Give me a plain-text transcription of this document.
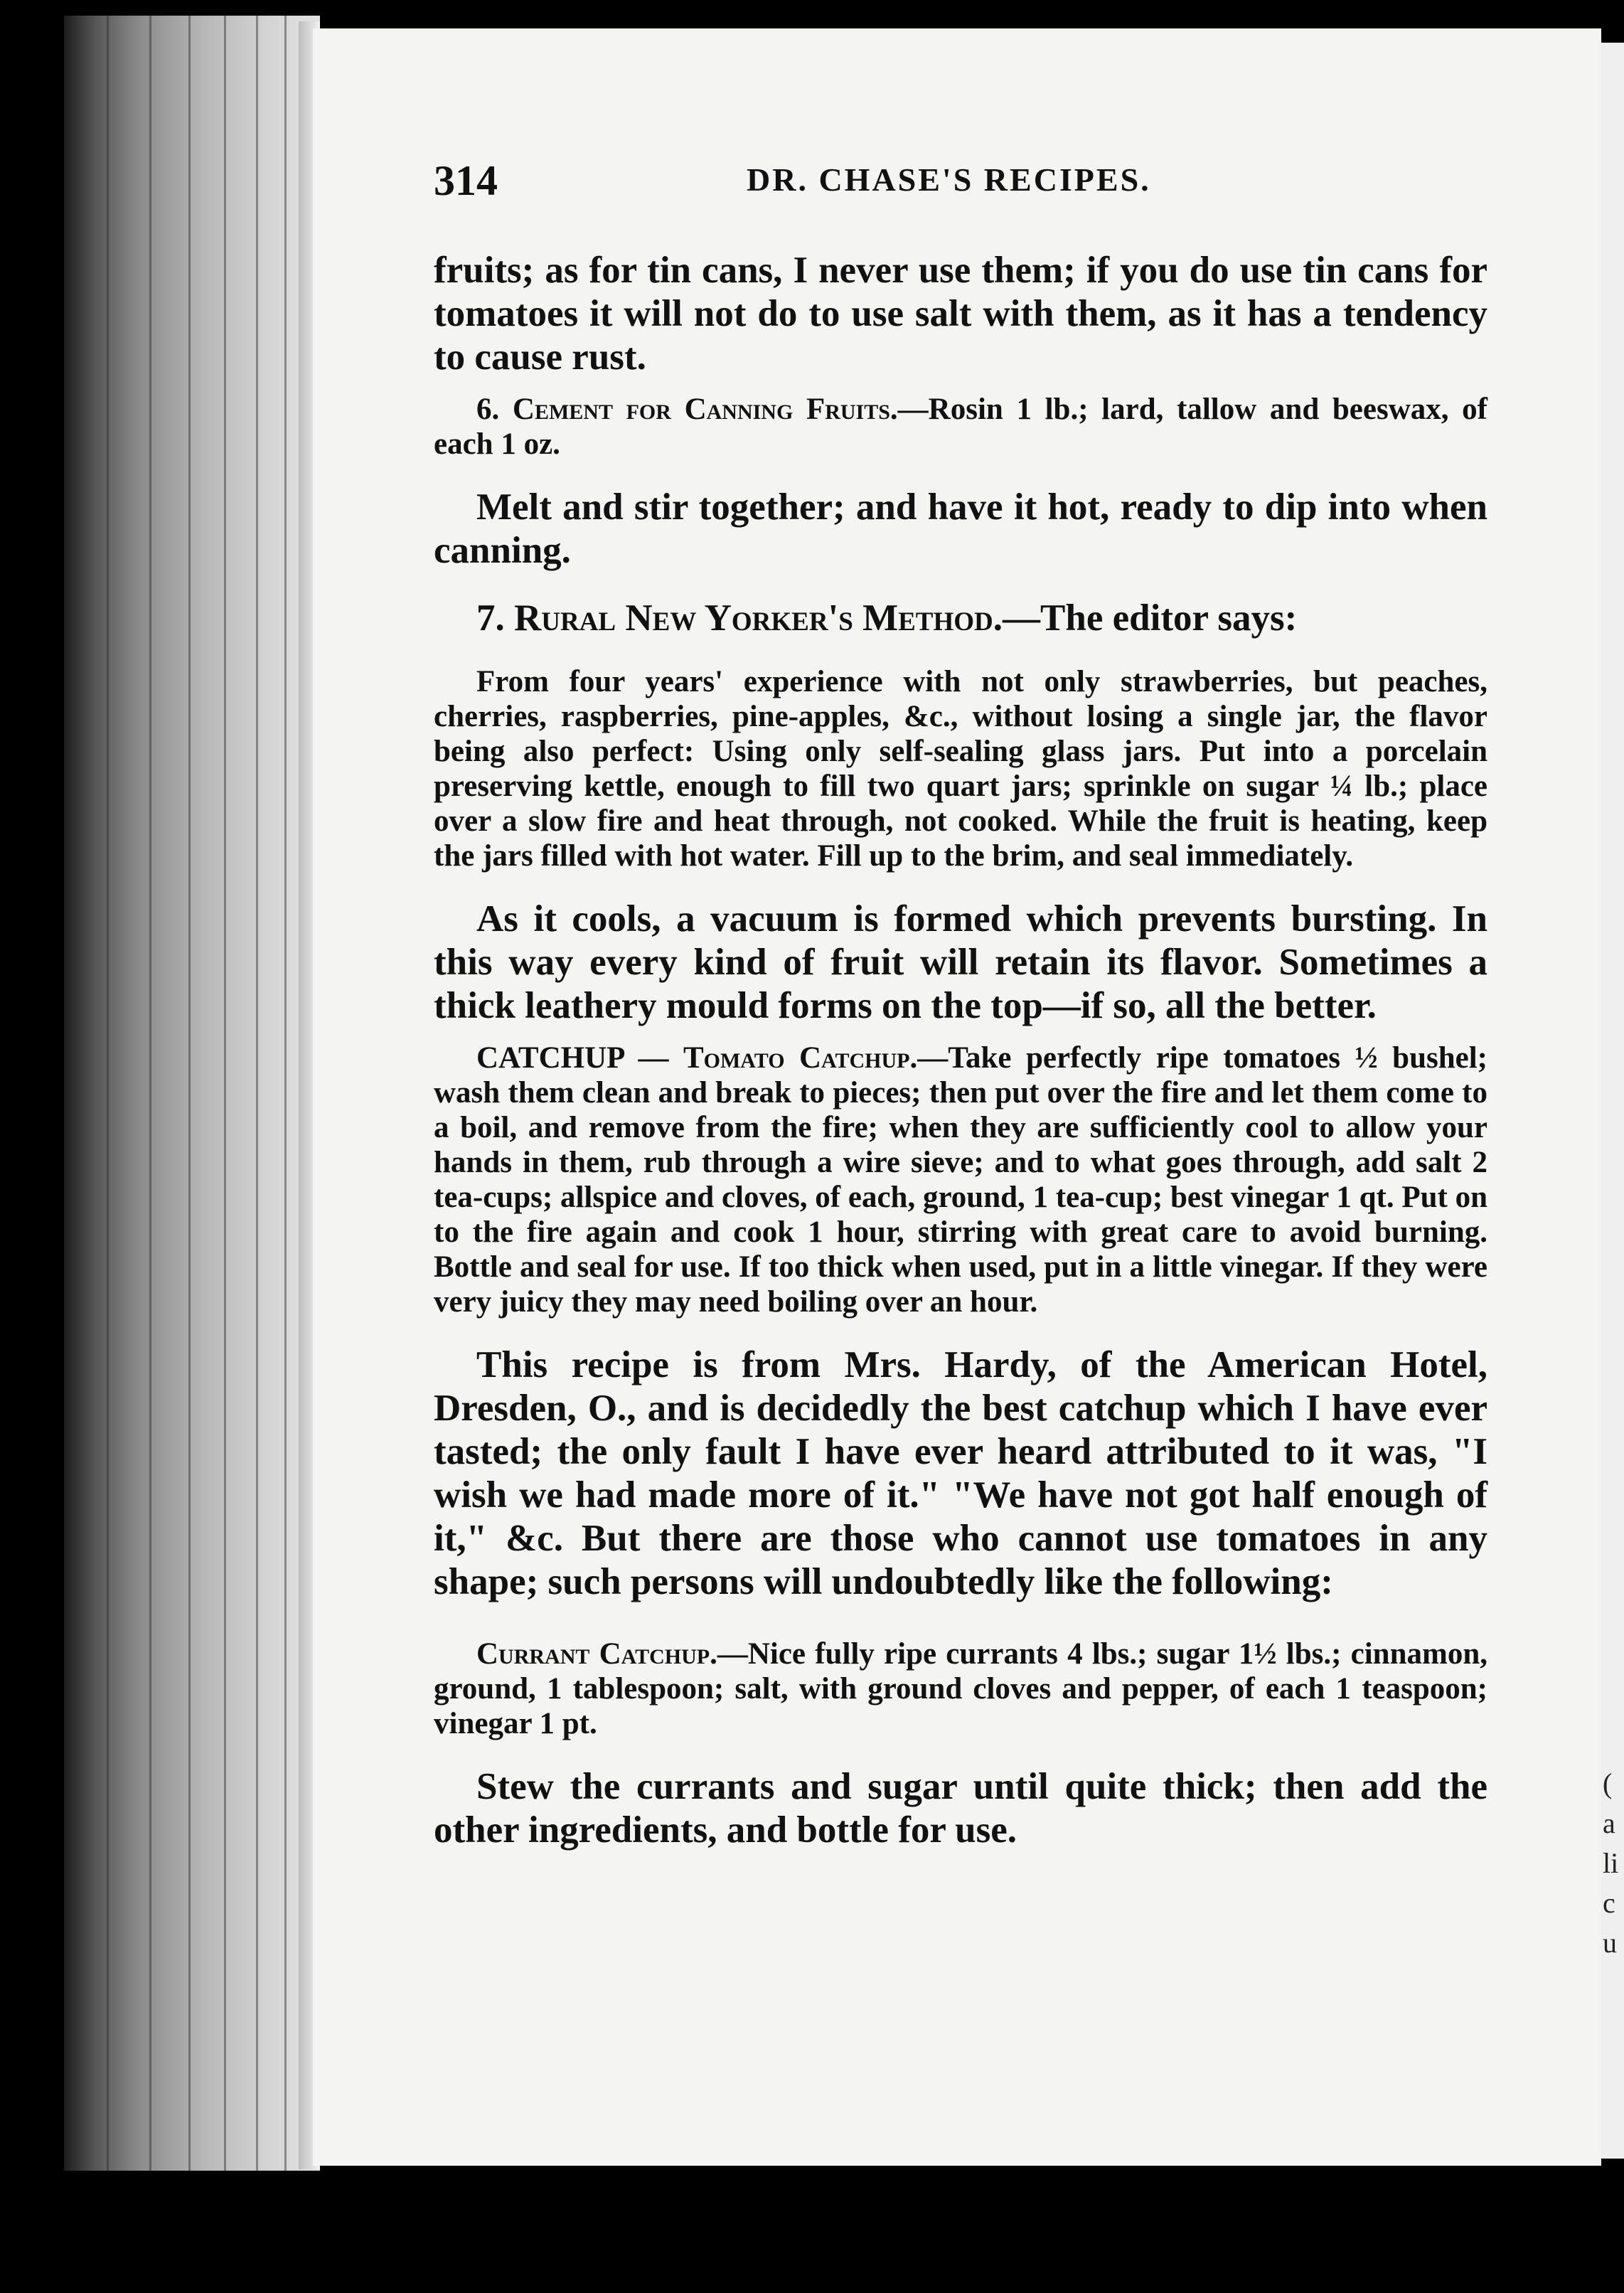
314	DR. CHASE'S RECIPES.

fruits; as for tin cans, I never use them; if you do use tin cans for tomatoes it will not do to use salt with them, as it has a tendency to cause rust.

6. Cement for Canning Fruits.—Rosin 1 lb.; lard, tallow and beeswax, of each 1 oz.

Melt and stir together; and have it hot, ready to dip into when canning.

7. Rural New Yorker's Method.—The editor says:

From four years' experience with not only strawberries, but peaches, cherries, raspberries, pine-apples, &c., without losing a single jar, the flavor being also perfect: Using only self-sealing glass jars. Put into a porcelain preserving kettle, enough to fill two quart jars; sprinkle on sugar ¼ lb.; place over a slow fire and heat through, not cooked. While the fruit is heating, keep the jars filled with hot water. Fill up to the brim, and seal immediately.

As it cools, a vacuum is formed which prevents bursting. In this way every kind of fruit will retain its flavor. Sometimes a thick leathery mould forms on the top—if so, all the better.

CATCHUP — Tomato Catchup.—Take perfectly ripe tomatoes ½ bushel; wash them clean and break to pieces; then put over the fire and let them come to a boil, and remove from the fire; when they are sufficiently cool to allow your hands in them, rub through a wire sieve; and to what goes through, add salt 2 tea-cups; allspice and cloves, of each, ground, 1 tea-cup; best vinegar 1 qt. Put on to the fire again and cook 1 hour, stirring with great care to avoid burning. Bottle and seal for use. If too thick when used, put in a little vinegar. If they were very juicy they may need boiling over an hour.

This recipe is from Mrs. Hardy, of the American Hotel, Dresden, O., and is decidedly the best catchup which I have ever tasted; the only fault I have ever heard attributed to it was, "I wish we had made more of it." "We have not got half enough of it," &c. But there are those who cannot use tomatoes in any shape; such persons will undoubtedly like the following:

Currant Catchup.—Nice fully ripe currants 4 lbs.; sugar 1½ lbs.; cinnamon, ground, 1 tablespoon; salt, with ground cloves and pepper, of each 1 teaspoon; vinegar 1 pt.

Stew the currants and sugar until quite thick; then add the other ingredients, and bottle for use.

( a li c u
